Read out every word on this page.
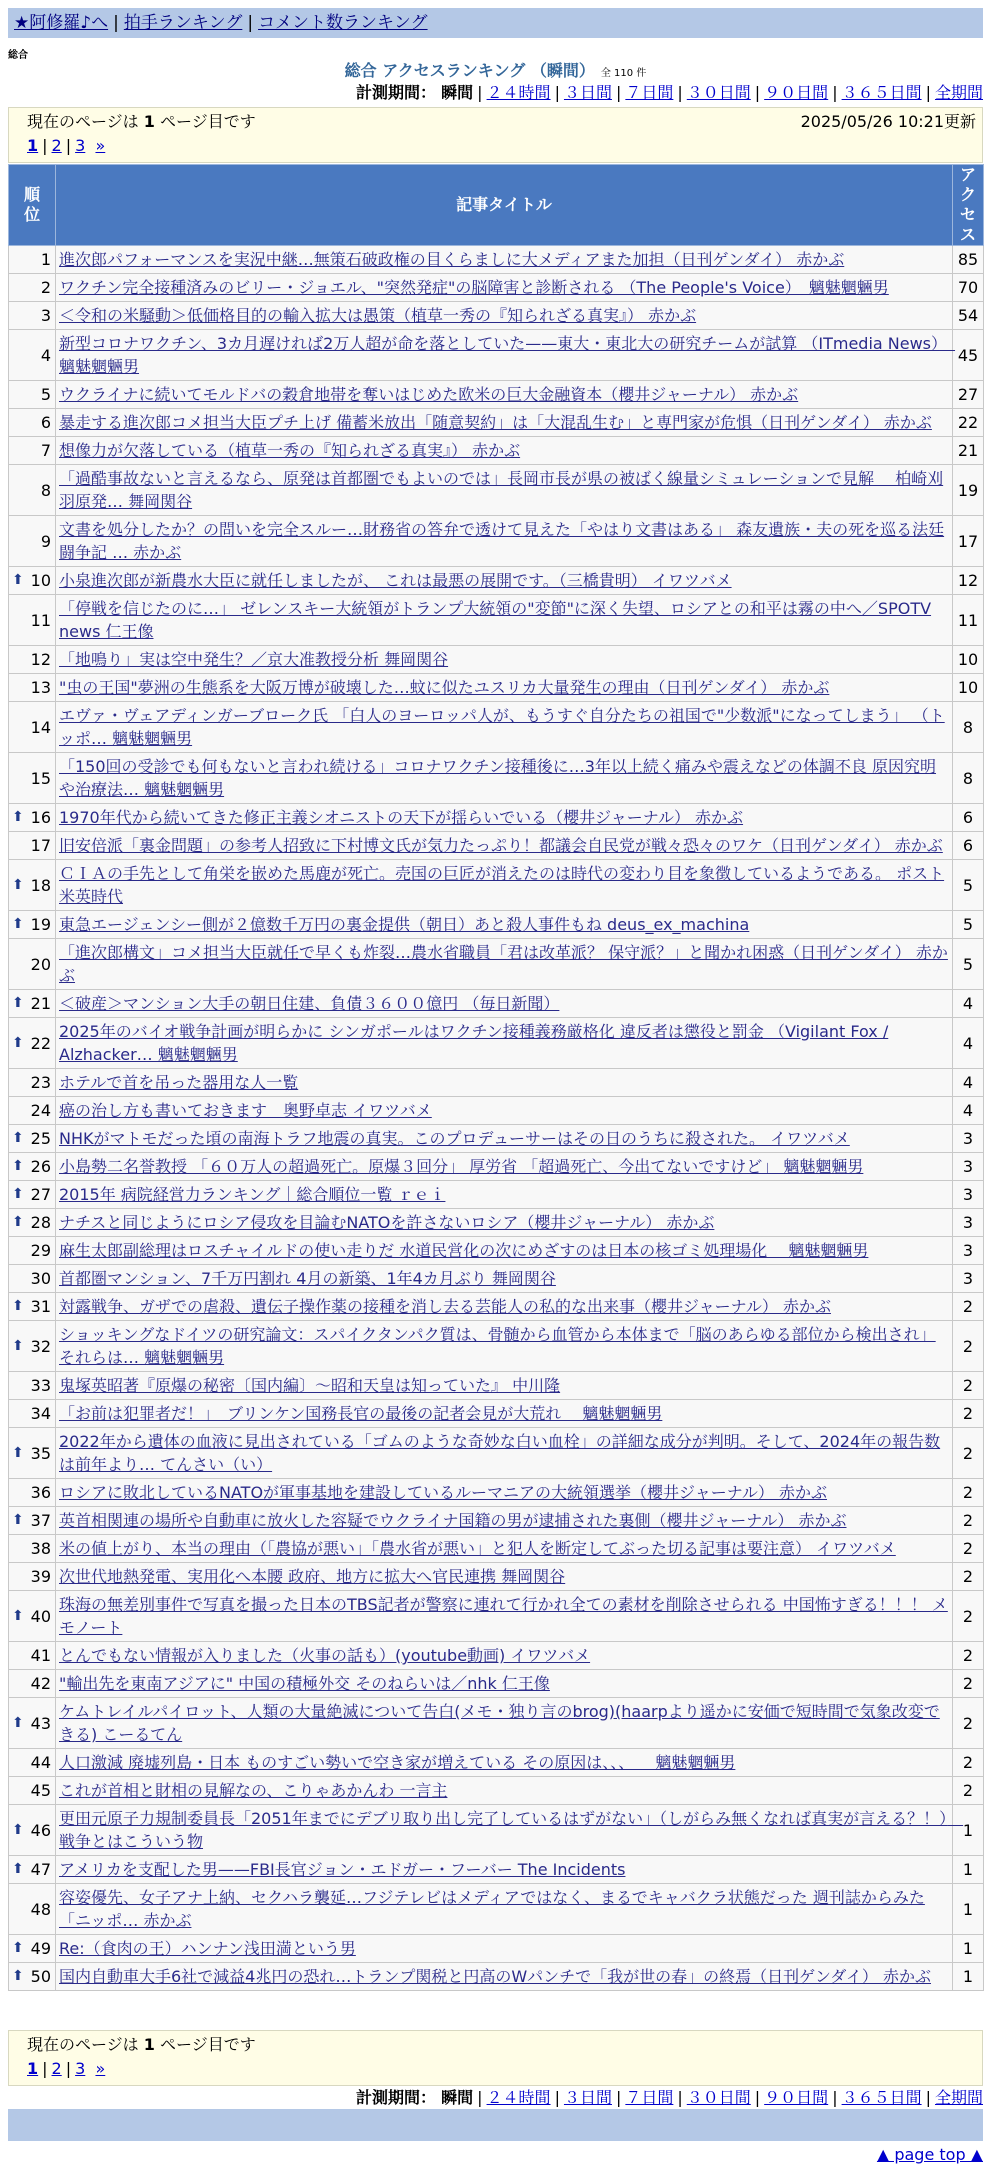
★阿修羅♪へ | 拍手ランキング | コメント数ランキング
総合
総合 アクセスランキング （瞬間） 全 110 件
計測期間： 瞬間 | ２４時間 | ３日間 | ７日間 | ３０日間 | ９０日間 | ３６５日間 | 全期間
現在のページは 1 ページ目です	2025/05/26 10:21更新
1 | 2 | 3 »
順位	記事タイトル	アクセス
1	進次郎パフォーマンスを実況中継…無策石破政権の目くらましに大メディアまた加担（日刊ゲンダイ） 赤かぶ	85
2	ワクチン完全接種済みのビリー・ジョエル、"突然発症"の脳障害と診断される （The People's Voice）　魑魅魍魎男	70
3	＜令和の米騒動＞低価格目的の輸入拡大は愚策（植草一秀の『知られざる真実』） 赤かぶ	54
4	新型コロナワクチン、3カ月遅ければ2万人超が命を落としていた——東大・東北大の研究チームが試算 （ITmedia News）　魑魅魍魎男	45
5	ウクライナに続いてモルドバの穀倉地帯を奪いはじめた欧米の巨大金融資本（櫻井ジャーナル） 赤かぶ	27
6	暴走する進次郎コメ担当大臣プチ上げ 備蓄米放出「随意契約」は「大混乱生む」と専門家が危惧（日刊ゲンダイ） 赤かぶ	22
7	想像力が欠落している（植草一秀の『知られざる真実』） 赤かぶ	21
8	「過酷事故ないと言えるなら、原発は首都圏でもよいのでは」長岡市長が県の被ばく線量シミュレーションで見解　 柏崎刈羽原発… 舞岡関谷	19
9	文書を処分したか？の問いを完全スルー…財務省の答弁で透けて見えた「やはり文書はある」 森友遺族・夫の死を巡る法廷闘争記 … 赤かぶ	17

⬆ 10	小泉進次郎が新農水大臣に就任しましたが、 これは最悪の展開です。（三橋貴明） イワツバメ	12
11	「停戦を信じたのに…」 ゼレンスキー大統領がトランプ大統領の"変節"に深く失望、ロシアとの和平は霧の中へ／SPOTV news 仁王像	11
12	「地鳴り」実は空中発生？／京大准教授分析 舞岡関谷	10
13	"虫の王国"夢洲の生態系を大阪万博が破壊した…蚊に似たユスリカ大量発生の理由（日刊ゲンダイ） 赤かぶ	10
14	エヴァ・ヴェアディンガーブローク氏 「白人のヨーロッパ人が、もうすぐ自分たちの祖国で"少数派"になってしまう」 （トッポ… 魑魅魍魎男	8
15	「150回の受診でも何もないと言われ続ける」コロナワクチン接種後に…3年以上続く痛みや震えなどの体調不良 原因究明や治療法… 魑魅魍魎男	8

⬆ 16	1970年代から続いてきた修正主義シオニストの天下が揺らいでいる（櫻井ジャーナル） 赤かぶ	6
17	旧安倍派「裏金問題」の参考人招致に下村博文氏が気力たっぷり！都議会自民党が戦々恐々のワケ（日刊ゲンダイ） 赤かぶ	6

⬆ 18	ＣＩＡの手先として角栄を嵌めた馬鹿が死亡。売国の巨匠が消えたのは時代の変わり目を象徴しているようである。 ポスト米英時代	5

⬆ 19	東急エージェンシー側が２億数千万円の裏金提供（朝日）あと殺人事件もね deus_ex_machina	5
20	「進次郎構文」コメ担当大臣就任で早くも炸裂…農水省職員「君は改革派？ 保守派？」と聞かれ困惑（日刊ゲンダイ） 赤かぶ	5

⬆ 21	＜破産＞マンション大手の朝日住建、負債３６００億円 （毎日新聞）	4

⬆ 22	2025年のバイオ戦争計画が明らかに シンガポールはワクチン接種義務厳格化 違反者は懲役と罰金 （Vigilant Fox / Alzhacker… 魑魅魍魎男	4
23	ホテルで首を吊った器用な人一覧	4
24	癌の治し方も書いておきます　奥野卓志 イワツバメ	4

⬆ 25	NHKがマトモだった頃の南海トラフ地震の真実。このプロデューサーはその日のうちに殺された。 イワツバメ	3

⬆ 26	小島勢二名誉教授 「６０万人の超過死亡。原爆３回分」 厚労省 「超過死亡、今出てないですけど」 魑魅魍魎男	3

⬆ 27	2015年 病院経営力ランキング｜総合順位一覧 ｒｅｉ	3

⬆ 28	ナチスと同じようにロシア侵攻を目論むNATOを許さないロシア（櫻井ジャーナル） 赤かぶ	3
29	麻生太郎副総理はロスチャイルドの使い走りだ 水道民営化の次にめざすのは日本の核ゴミ処理場化 　魑魅魍魎男	3
30	首都圏マンション、7千万円割れ 4月の新築、1年4カ月ぶり 舞岡関谷	3

⬆ 31	対露戦争、ガザでの虐殺、遺伝子操作薬の接種を消し去る芸能人の私的な出来事（櫻井ジャーナル） 赤かぶ	2

⬆ 32	ショッキングなドイツの研究論文：スパイクタンパク質は、骨髄から血管から本体まで「脳のあらゆる部位から検出され」それらは… 魑魅魍魎男	2
33	鬼塚英昭著『原爆の秘密〔国内編〕～昭和天皇は知っていた』 中川隆	2
34	「お前は犯罪者だ！」　ブリンケン国務長官の最後の記者会見が大荒れ 　魑魅魍魎男	2

⬆ 35	2022年から遺体の血液に見出されている「ゴムのような奇妙な白い血栓」の詳細な成分が判明。そして、2024年の報告数は前年より… てんさい（い）	2
36	ロシアに敗北しているNATOが軍事基地を建設しているルーマニアの大統領選挙（櫻井ジャーナル） 赤かぶ	2

⬆ 37	英首相関連の場所や自動車に放火した容疑でウクライナ国籍の男が逮捕された裏側（櫻井ジャーナル） 赤かぶ	2
38	米の値上がり、本当の理由（「農協が悪い」「農水省が悪い」と犯人を断定してぶった切る記事は要注意） イワツバメ	2
39	次世代地熱発電、実用化へ本腰 政府、地方に拡大へ官民連携 舞岡関谷	2

⬆ 40	珠海の無差別事件で写真を撮った日本のTBS記者が警察に連れて行かれ全ての素材を削除させられる 中国怖すぎる！！！ メモノート	2
41	とんでもない情報が入りました（火事の話も）(youtube動画) イワツバメ	2
42	"輸出先を東南アジアに" 中国の積極外交 そのねらいは／nhk 仁王像	2

⬆ 43	ケムトレイルパイロット、人類の大量絶滅について告白(メモ・独り言のbrog)(haarpより遥かに安価で短時間で気象改変できる) こーるてん	2
44	人口激減 廃墟列島・日本 ものすごい勢いで空き家が増えている その原因は、、、 　魑魅魍魎男	2
45	これが首相と財相の見解なの、こりゃあかんわ 一言主	2

⬆ 46	更田元原子力規制委員長「2051年までにデブリ取り出し完了しているはずがない」（しがらみ無くなれば真実が言える？！）　戦争とはこういう物	1

⬆ 47	アメリカを支配した男——FBI長官ジョン・エドガー・フーバー The Incidents	1
48	容姿優先、女子アナ上納、セクハラ襲延…フジテレビはメディアではなく、まるでキャバクラ状態だった 週刊誌からみた「ニッポ… 赤かぶ	1

⬆ 49	Re:（食肉の王）ハンナン浅田満という男	1

⬆ 50	国内自動車大手6社で減益4兆円の恐れ…トランプ関税と円高のWパンチで「我が世の春」の終焉（日刊ゲンダイ） 赤かぶ	1
現在のページは 1 ページ目です
1 | 2 | 3 »
計測期間： 瞬間 | ２４時間 | ３日間 | ７日間 | ３０日間 | ９０日間 | ３６５日間 | 全期間
▲ page top ▲
